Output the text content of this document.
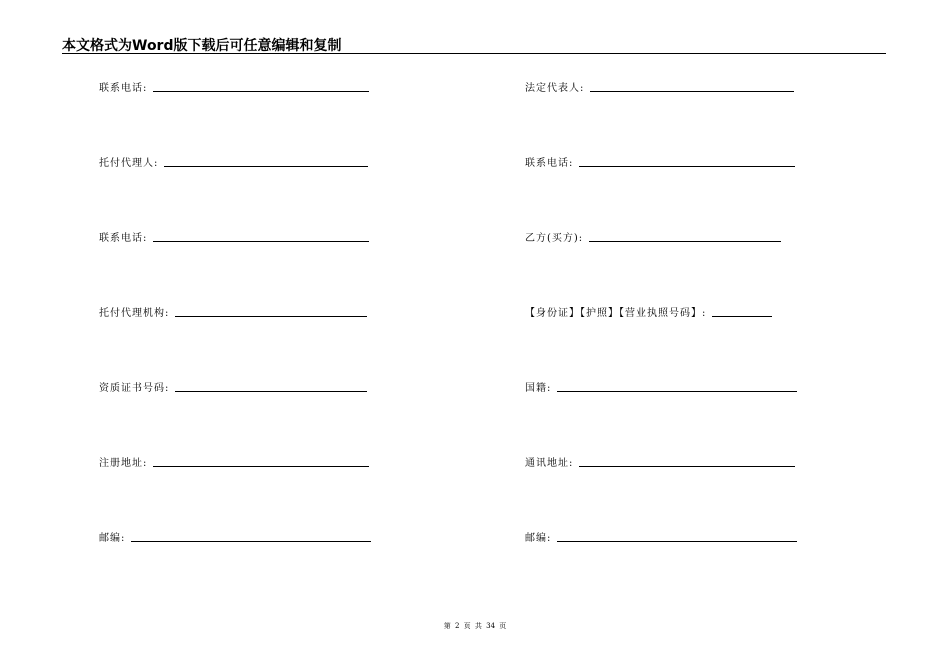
本文格式为Word版下载后可任意编辑和复制
联系电话:
托付代理人:
联系电话:
托付代理机构:
资质证书号码:
注册地址:
邮编:
法定代表人:
联系电话:
乙方(买方):
【身份证】【护照】【营业执照号码】:
国籍:
通讯地址:
邮编:
第 2 页 共 34 页
